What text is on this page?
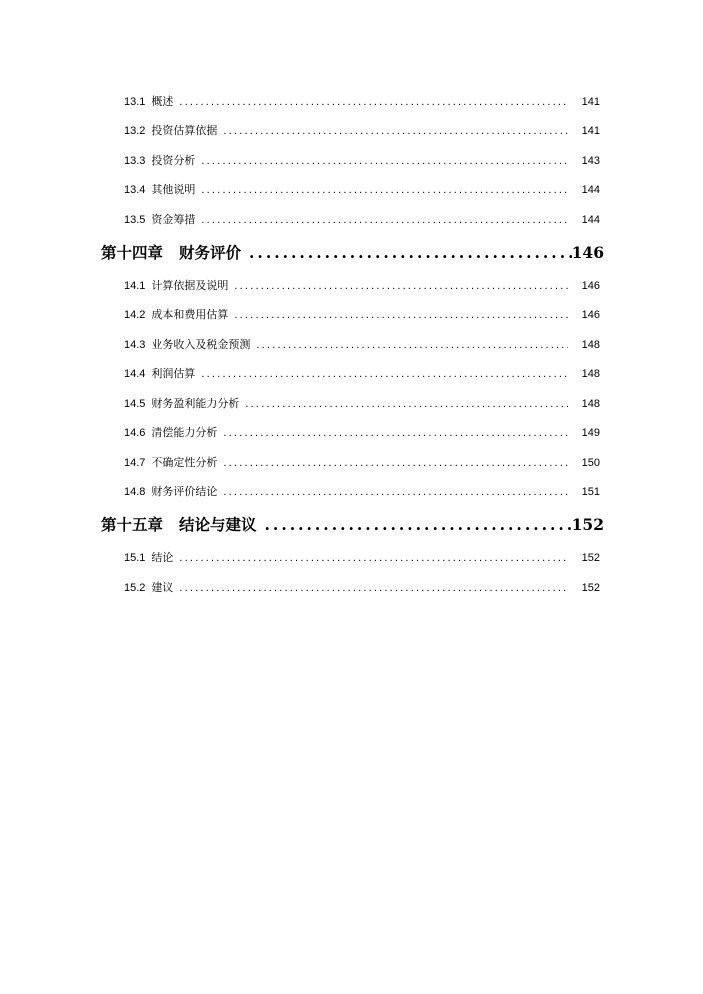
13.1 概述 .....	141
13.2 投资估算依据 .....	141
13.3 投资分析 .....	143
13.4 其他说明 .....	144
13.5 资金筹措 .....	144
第十四章 财务评价 .....	146
14.1 计算依据及说明 .....	146
14.2 成本和费用估算 .....	146
14.3 业务收入及税金预测 .....	148
14.4 利润估算 .....	148
14.5 财务盈利能力分析 .....	148
14.6 清偿能力分析 .....	149
14.7 不确定性分析 .....	150
14.8 财务评价结论 .....	151
第十五章 结论与建议 .....	152
15.1 结论 .....	152
15.2 建议 .....	152
